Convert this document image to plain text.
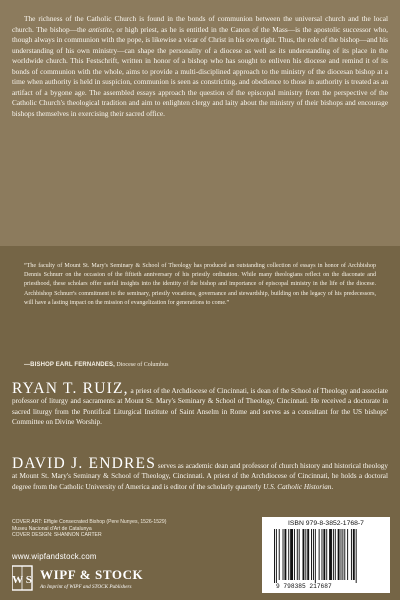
The richness of the Catholic Church is found in the bonds of communion between the universal church and the local church. The bishop—the antistite, or high priest, as he is entitled in the Canon of the Mass—is the apostolic successor who, though always in communion with the pope, is likewise a vicar of Christ in his own right. Thus, the role of the bishop—and his understanding of his own ministry—can shape the personality of a diocese as well as its understanding of its place in the worldwide church. This Festschrift, written in honor of a bishop who has sought to enliven his diocese and remind it of its bonds of communion with the whole, aims to provide a multi-disciplined approach to the ministry of the diocesan bishop at a time when authority is held in suspicion, communion is seen as constricting, and obedience to those in authority is treated as an artifact of a bygone age. The assembled essays approach the question of the episcopal ministry from the perspective of the Catholic Church's theological tradition and aim to enlighten clergy and laity about the ministry of their bishops and encourage bishops themselves in exercising their sacred office.
“The faculty of Mount St. Mary's Seminary & School of Theology has produced an outstanding collection of essays in honor of Archbishop Dennis Schnurr on the occasion of the fiftieth anniversary of his priestly ordination. While many theologians reflect on the diaconate and priesthood, these scholars offer useful insights into the identity of the bishop and importance of episcopal ministry in the life of the diocese. Archbishop Schnurr's commitment to the seminary, priestly vocations, governance and stewardship, building on the legacy of his predecessors, will have a lasting impact on the mission of evangelization for generations to come.”
—BISHOP EARL FERNANDES, Diocese of Columbus
RYAN T. RUIZ, a priest of the Archdiocese of Cincinnati, is dean of the School of Theology and associate professor of liturgy and sacraments at Mount St. Mary's Seminary & School of Theology, Cincinnati. He received a doctorate in sacred liturgy from the Pontifical Liturgical Institute of Saint Anselm in Rome and serves as a consultant for the US bishops' Committee on Divine Worship.
DAVID J. ENDRES serves as academic dean and professor of church history and historical theology at Mount St. Mary's Seminary & School of Theology, Cincinnati. A priest of the Archdiocese of Cincinnati, he holds a doctoral degree from the Catholic University of America and is editor of the scholarly quarterly U.S. Catholic Historian.
COVER ART: Effigie Consecrated Bishop (Pere Nunyes, 1526-1529)
Museu Nacional d'Art de Catalunya
COVER DESIGN: SHANNON CARTER
www.wipfandstock.com
W S WIPF & STOCK
An Imprint of WIPF and STOCK Publishers
ISBN 979-8-3852-1768-7
9 798385 217687
